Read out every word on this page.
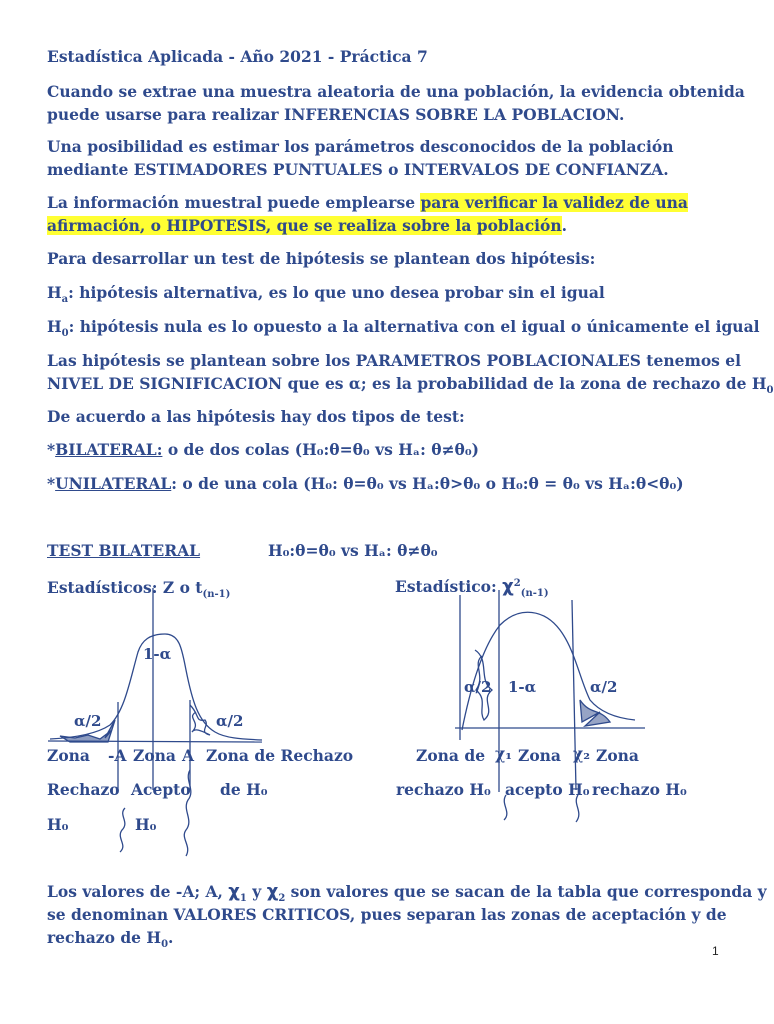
Estadística Aplicada - Año 2021 - Práctica 7

Cuando se extrae una muestra aleatoria de una población, la evidencia obtenida

puede usarse para realizar INFERENCIAS SOBRE LA POBLACION.

Una posibilidad es estimar los parámetros desconocidos de la población

mediante ESTIMADORES PUNTUALES o INTERVALOS DE CONFIANZA.

La información muestral puede emplearse para verificar la validez de una

afirmación, o HIPOTESIS, que se realiza sobre la población.

Para desarrollar un test de hipótesis se plantean dos hipótesis:

$H_a$: hipótesis alternativa, es lo que uno desea probar sin el igual

$H_0$: hipótesis nula es lo opuesto a la alternativa con el igual o únicamente el igual

Las hipótesis se plantean sobre los PARAMETROS POBLACIONALES tenemos el

NIVEL DE SIGNIFICACION que es α; es la probabilidad de la zona de rechazo de $H_0$

De acuerdo a las hipótesis hay dos tipos de test:

*BILATERAL: o de dos colas (H₀:θ=θ₀ vs Hₐ: θ≠θ₀)

*UNILATERAL: o de una cola (H₀: θ=θ₀ vs Hₐ:θ>θ₀ o H₀:θ = θ₀ vs Hₐ:θ<θ₀)

TEST BILATERAL	H₀:θ=θ₀ vs Hₐ: θ≠θ₀
Estadísticos: Z o $t_{(n-1)}$	Estadístico: $\chi^2_{(n-1)}$
1-α
α/2	α/2
Zona -A Zona A Zona de Rechazo
Rechazo Acepto de H₀
H₀	H₀
α/2 1-α	α/2
Zona de χ₁ Zona χ₂ Zona
rechazo H₀ acepto H₀ rechazo H₀

Los valores de -A; A, $\chi_1$ y $\chi_2$ son valores que se sacan de la tabla que corresponda y

se denominan VALORES CRITICOS, pues separan las zonas de aceptación y de

rechazo de $H_0$.

1
